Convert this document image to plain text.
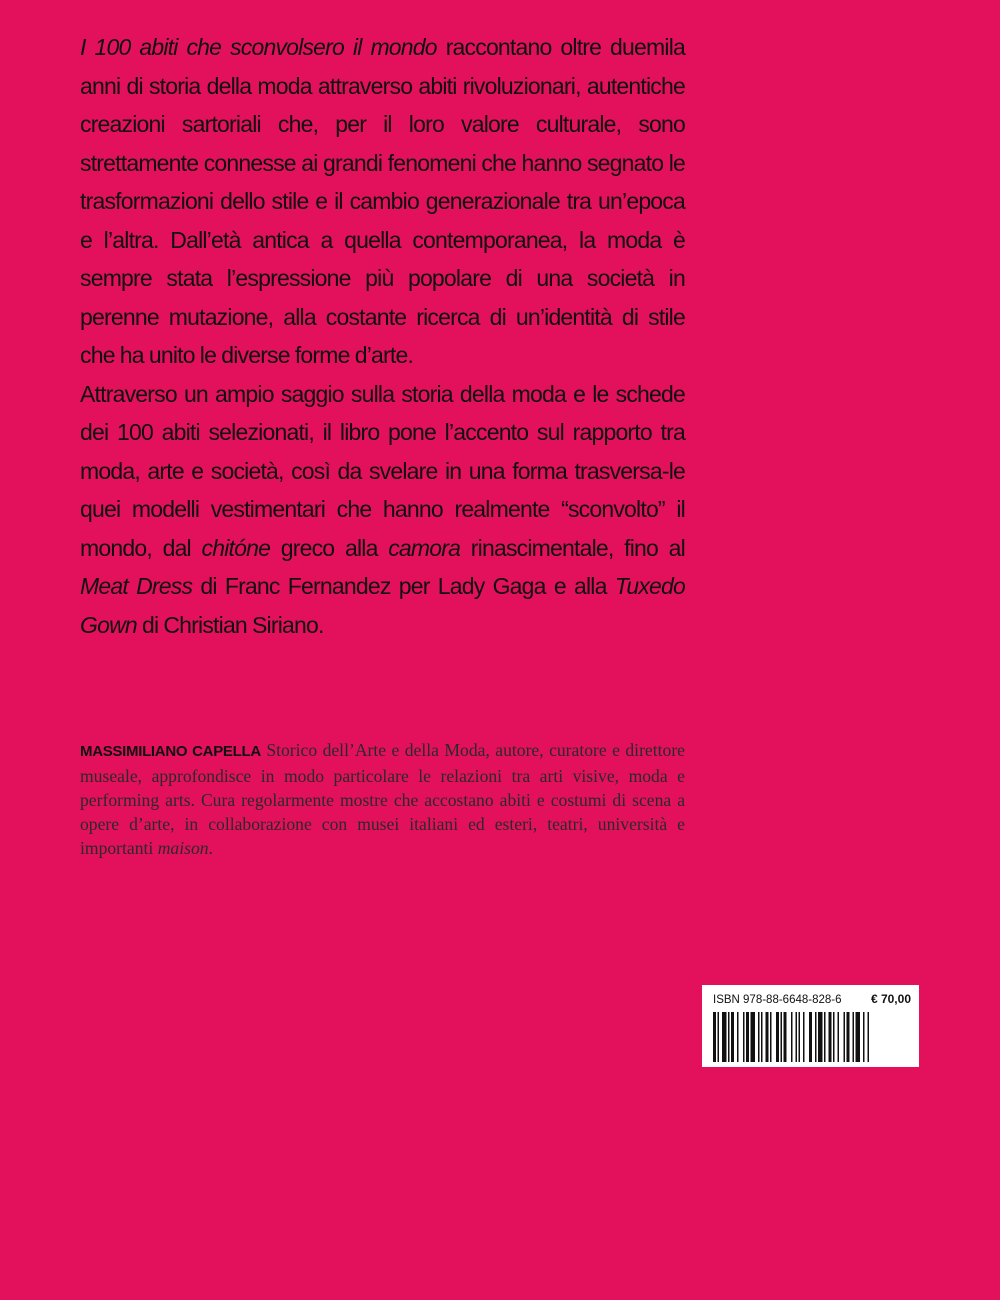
I 100 abiti che sconvolsero il mondo raccontano oltre duemila anni di storia della moda attraverso abiti rivoluzionari, autentiche creazioni sartoriali che, per il loro valore culturale, sono strettamente connesse ai grandi fenomeni che hanno segnato le trasformazioni dello stile e il cambio generazionale tra un’epoca e l’altra. Dall’età antica a quella contemporanea, la moda è sempre stata l’espressione più popolare di una società in perenne mutazione, alla costante ricerca di un’identità di stile che ha unito le diverse forme d’arte.

Attraverso un ampio saggio sulla storia della moda e le schede dei 100 abiti selezionati, il libro pone l’accento sul rapporto tra moda, arte e società, così da svelare in una forma trasversa-le quei modelli vestimentari che hanno realmente “sconvolto” il mondo, dal chitóne greco alla camora rinascimentale, fino al Meat Dress di Franc Fernandez per Lady Gaga e alla Tuxedo Gown di Christian Siriano.

MASSIMILIANO CAPELLA Storico dell’Arte e della Moda, autore, curatore e direttore museale, approfondisce in modo particolare le relazioni tra arti visive, moda e performing arts. Cura regolarmente mostre che accostano abiti e costumi di scena a opere d’arte, in collaborazione con musei italiani ed esteri, teatri, università e importanti maison.
ISBN 978-88-6648-828-6 € 70,00
